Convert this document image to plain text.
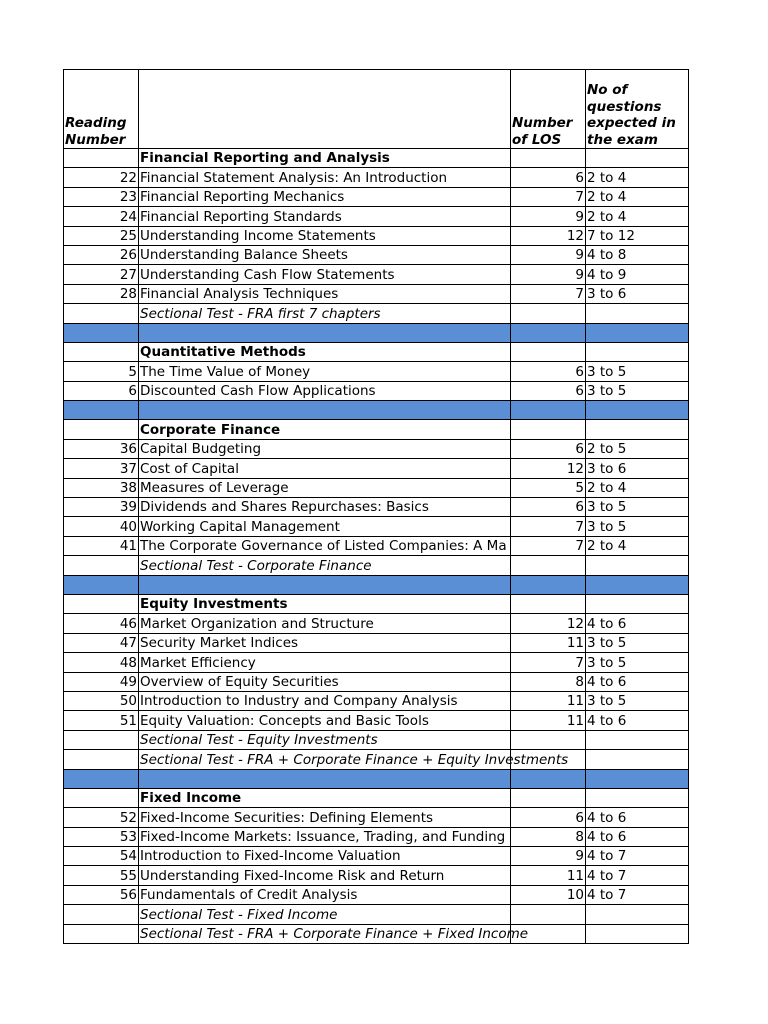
Reading Number		Number of LOS	No of questions expected in the exam
	Financial Reporting and Analysis		
22	Financial Statement Analysis: An Introduction	6	2 to 4
23	Financial Reporting Mechanics	7	2 to 4
24	Financial Reporting Standards	9	2 to 4
25	Understanding Income Statements	12	7 to 12
26	Understanding Balance Sheets	9	4 to 8
27	Understanding Cash Flow Statements	9	4 to 9
28	Financial Analysis Techniques	7	3 to 6
	Sectional Test - FRA first 7 chapters		

	Quantitative Methods		
5	The Time Value of Money	6	3 to 5
6	Discounted Cash Flow Applications	6	3 to 5

	Corporate Finance		
36	Capital Budgeting	6	2 to 5
37	Cost of Capital	12	3 to 6
38	Measures of Leverage	5	2 to 4
39	Dividends and Shares Repurchases: Basics	6	3 to 5
40	Working Capital Management	7	3 to 5
41	The Corporate Governance of Listed Companies: A Ma	7	2 to 4
	Sectional Test - Corporate Finance		

	Equity Investments		
46	Market Organization and Structure	12	4 to 6
47	Security Market Indices	11	3 to 5
48	Market Efficiency	7	3 to 5
49	Overview of Equity Securities	8	4 to 6
50	Introduction to Industry and Company Analysis	11	3 to 5
51	Equity Valuation: Concepts and Basic Tools	11	4 to 6
	Sectional Test - Equity Investments		
	Sectional Test - FRA + Corporate Finance + Equity Investments		

	Fixed Income		
52	Fixed-Income Securities: Defining Elements	6	4 to 6
53	Fixed-Income Markets: Issuance, Trading, and Funding	8	4 to 6
54	Introduction to Fixed-Income Valuation	9	4 to 7
55	Understanding Fixed-Income Risk and Return	11	4 to 7
56	Fundamentals of Credit Analysis	10	4 to 7
	Sectional Test - Fixed Income		
	Sectional Test - FRA + Corporate Finance + Fixed Income		
